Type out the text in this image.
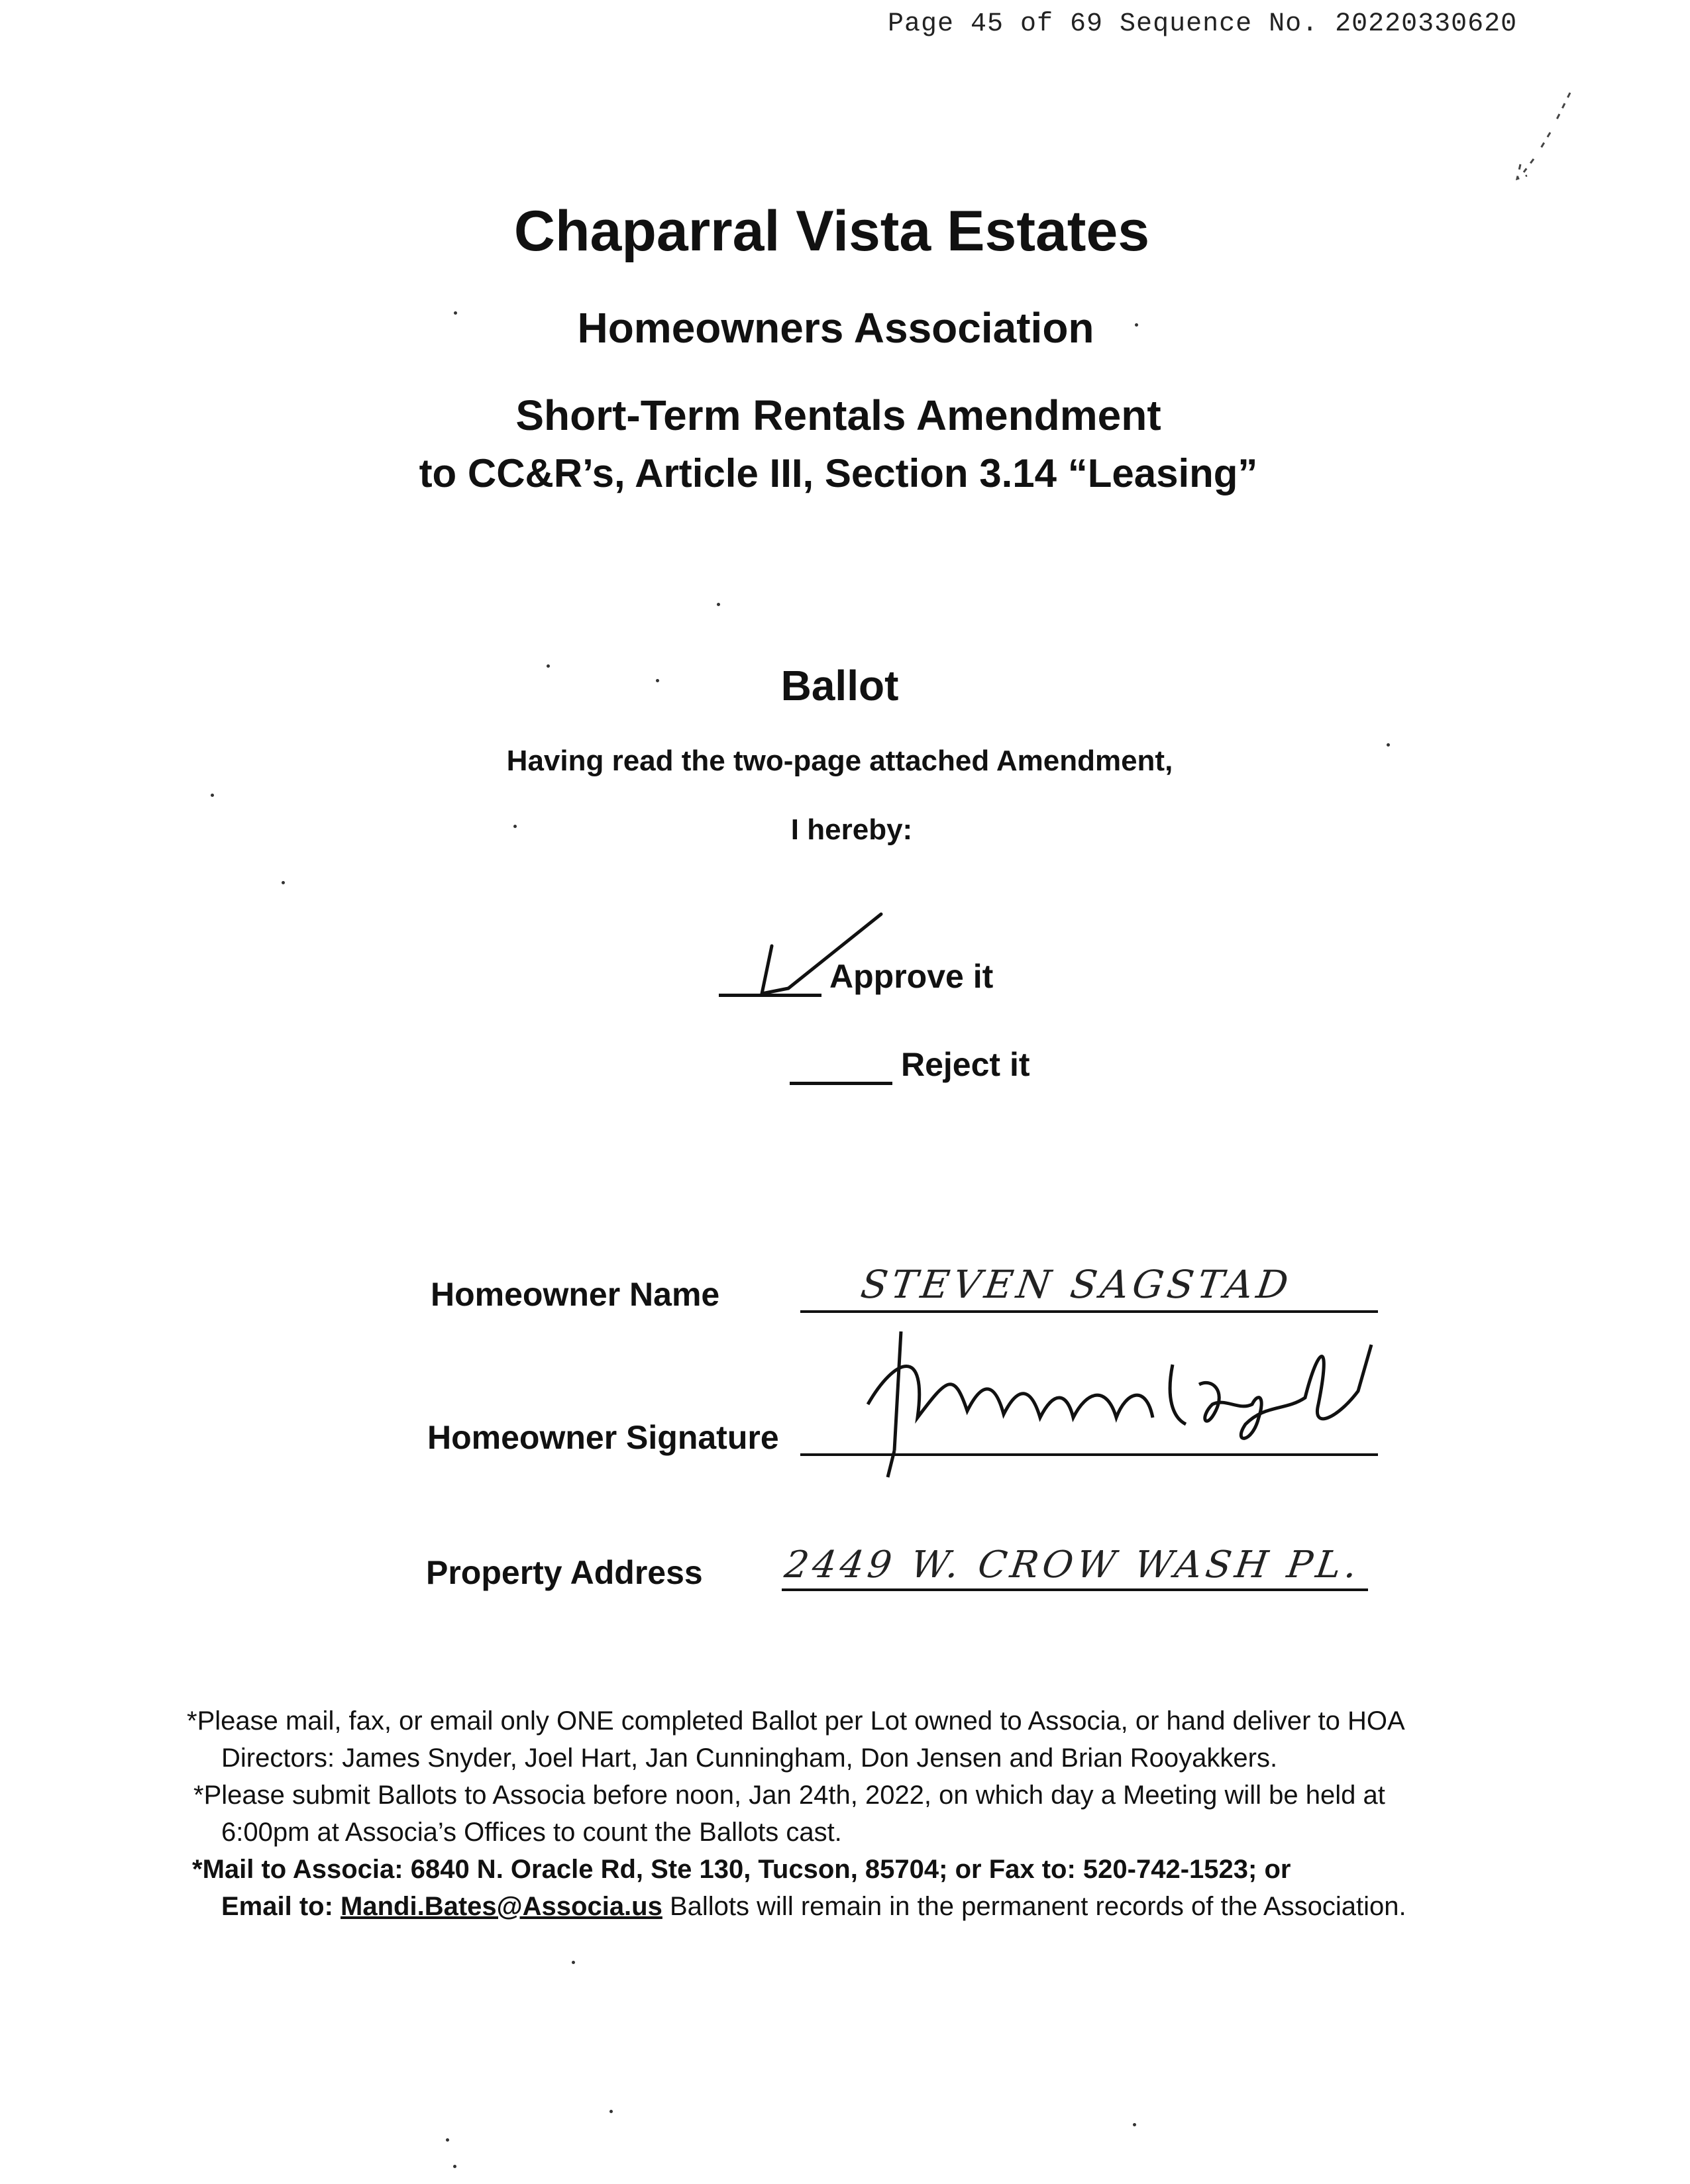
Page 45 of 69 Sequence No. 20220330620
Chaparral Vista Estates
Homeowners Association
Short-Term Rentals Amendment
to CC&R’s, Article III, Section 3.14 “Leasing”
Ballot
Having read the two-page attached Amendment,
I hereby:
Approve it
Reject it
Homeowner Name	STEVEN SAGSTAD
Homeowner Signature
Property Address 2449 W. CROW WASH PL.

*Please mail, fax, or email only ONE completed Ballot per Lot owned to Associa, or hand deliver to HOA

Directors: James Snyder, Joel Hart, Jan Cunningham, Don Jensen and Brian Rooyakkers.

*Please submit Ballots to Associa before noon, Jan 24th, 2022, on which day a Meeting will be held at

6:00pm at Associa’s Offices to count the Ballots cast.

*Mail to Associa: 6840 N. Oracle Rd, Ste 130, Tucson, 85704; or Fax to: 520-742-1523; or

Email to: Mandi.Bates@Associa.us Ballots will remain in the permanent records of the Association.
